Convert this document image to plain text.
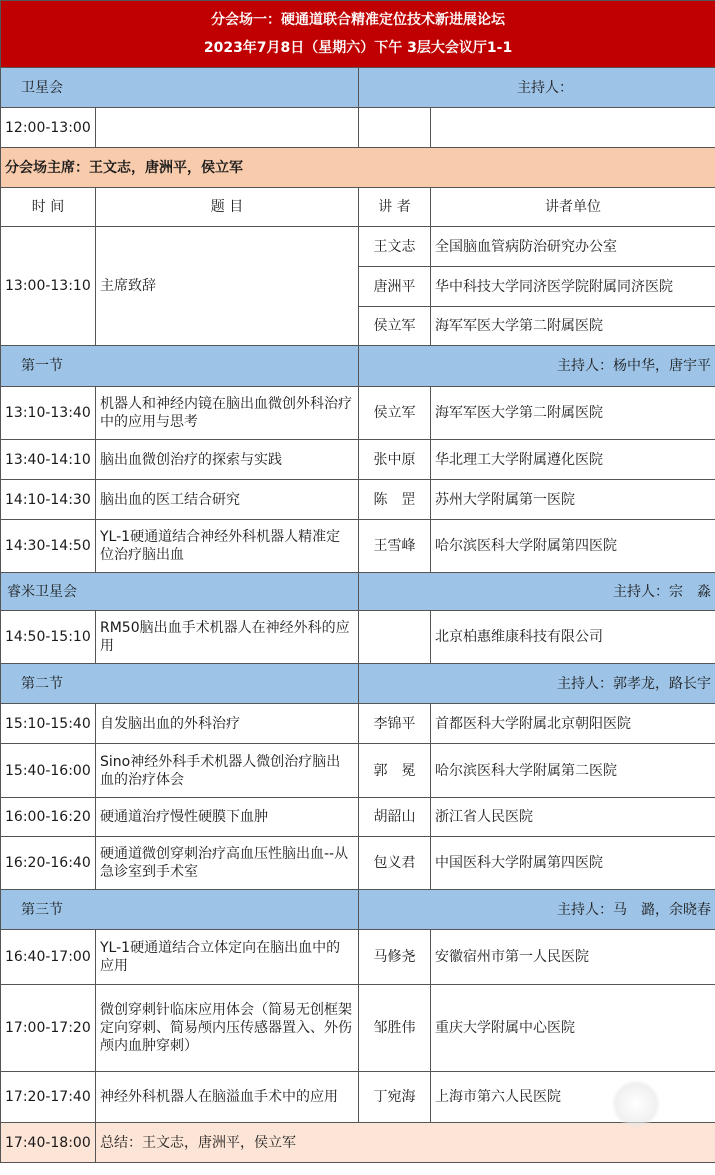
分会场一：硬通道联合精准定位技术新进展论坛
2023年7月8日（星期六）下午 3层大会议厅1-1			

卫星会		主持人：	
12:00-13:00			
分会场主席：王文志，唐洲平，侯立军			
时 间	题 目	讲 者	讲者单位
13:00-13:10	主席致辞	王文志	全国脑血管病防治研究办公室
		唐洲平	华中科技大学同济医学院附属同济医院
		侯立军	海军军医大学第二附属医院
第一节		主持人：杨中华，唐宇平	
13:10-13:40	机器人和神经内镜在脑出血微创外科治疗中的应用与思考	侯立军	海军军医大学第二附属医院
13:40-14:10	脑出血微创治疗的探索与实践	张中原	华北理工大学附属遵化医院
14:10-14:30	脑出血的医工结合研究	陈　罡	苏州大学附属第一医院
14:30-14:50	YL-1硬通道结合神经外科机器人精准定位治疗脑出血	王雪峰	哈尔滨医科大学附属第四医院
睿米卫星会		主持人：宗　淼	
14:50-15:10	RM50脑出血手术机器人在神经外科的应用		北京柏惠维康科技有限公司
第二节		主持人：郭孝龙，路长宇	
15:10-15:40	自发脑出血的外科治疗	李锦平	首都医科大学附属北京朝阳医院
15:40-16:00	Sino神经外科手术机器人微创治疗脑出血的治疗体会	郭　冕	哈尔滨医科大学附属第二医院
16:00-16:20	硬通道治疗慢性硬膜下血肿	胡韶山	浙江省人民医院
16:20-16:40	硬通道微创穿刺治疗高血压性脑出血--从急诊室到手术室	包义君	中国医科大学附属第四医院
第三节		主持人：马　潞，余晓春	
16:40-17:00	YL-1硬通道结合立体定向在脑出血中的应用	马修尧	安徽宿州市第一人民医院
17:00-17:20	微创穿刺针临床应用体会（简易无创框架定向穿刺、简易颅内压传感器置入、外伤颅内血肿穿刺）	邹胜伟	重庆大学附属中心医院
17:20-17:40	神经外科机器人在脑溢血手术中的应用	丁宛海	上海市第六人民医院
17:40-18:00	总结：王文志，唐洲平，侯立军		
